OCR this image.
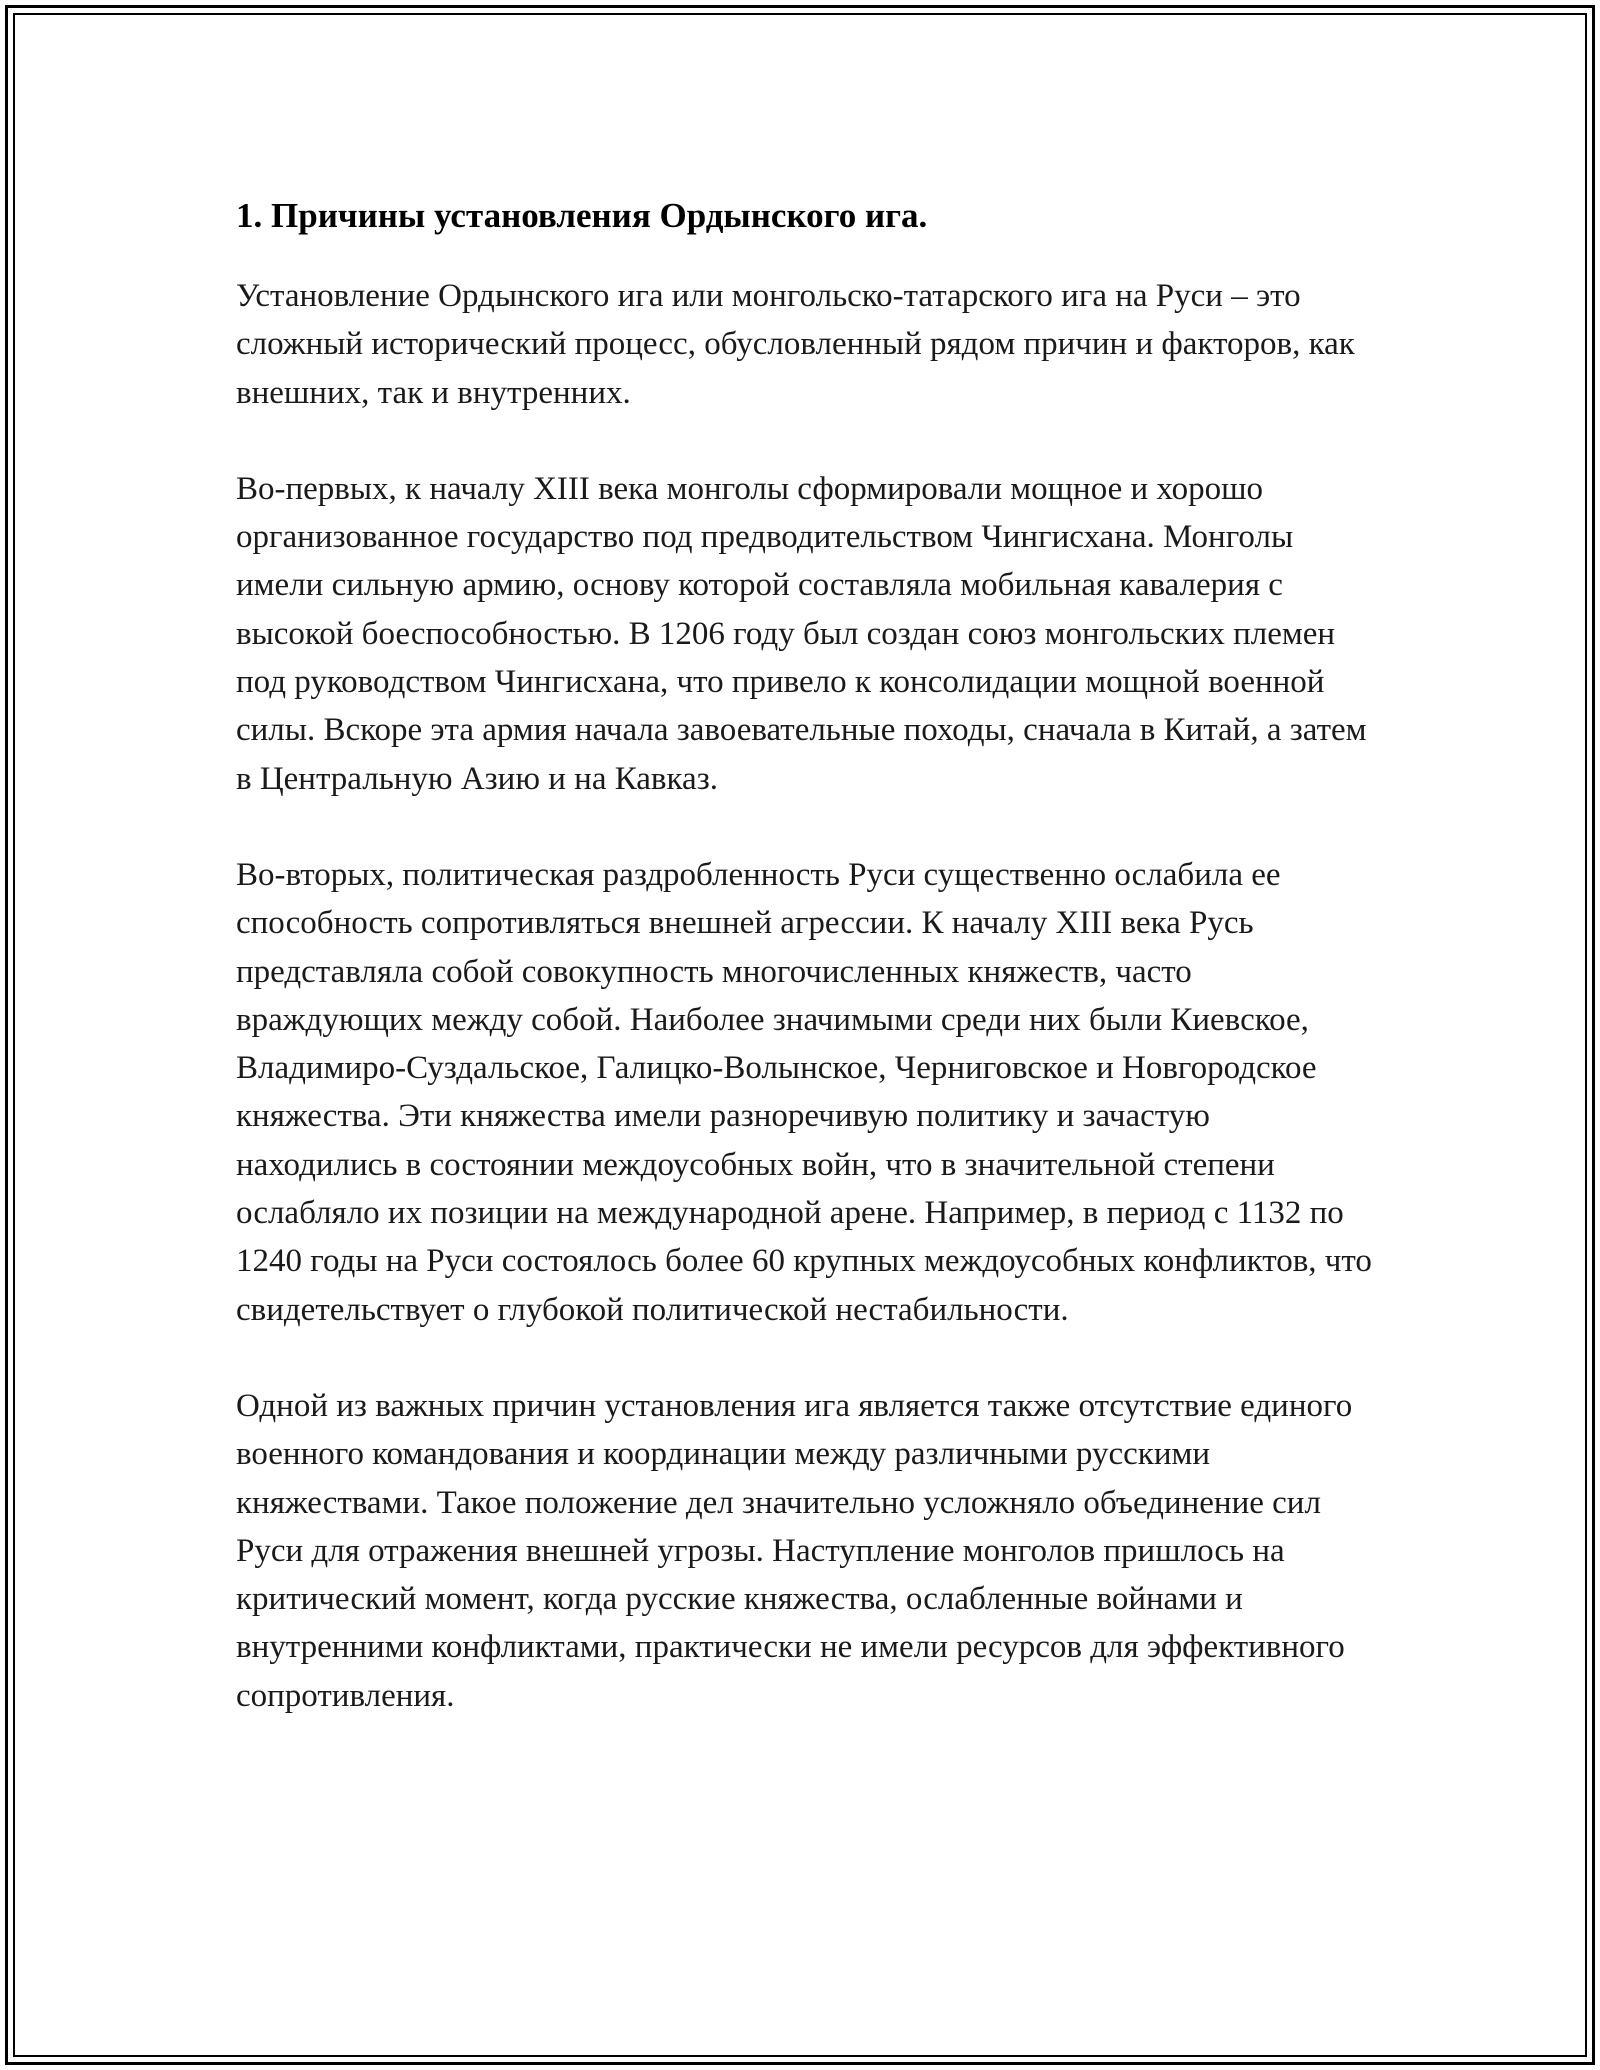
1. Причины установления Ордынского ига.

Установление Ордынского ига или монгольско-татарского ига на Руси – это сложный исторический процесс, обусловленный рядом причин и факторов, как внешних, так и внутренних.

Во-первых, к началу XIII века монголы сформировали мощное и хорошо организованное государство под предводительством Чингисхана. Монголы имели сильную армию, основу которой составляла мобильная кавалерия с высокой боеспособностью. В 1206 году был создан союз монгольских племен под руководством Чингисхана, что привело к консолидации мощной военной силы. Вскоре эта армия начала завоевательные походы, сначала в Китай, а затем в Центральную Азию и на Кавказ.

Во-вторых, политическая раздробленность Руси существенно ослабила ее способность сопротивляться внешней агрессии. К началу XIII века Русь представляла собой совокупность многочисленных княжеств, часто враждующих между собой. Наиболее значимыми среди них были Киевское, Владимиро-Суздальское, Галицко-Волынское, Черниговское и Новгородское княжества. Эти княжества имели разноречивую политику и зачастую находились в состоянии междоусобных войн, что в значительной степени ослабляло их позиции на международной арене. Например, в период с 1132 по 1240 годы на Руси состоялось более 60 крупных междоусобных конфликтов, что свидетельствует о глубокой политической нестабильности.

Одной из важных причин установления ига является также отсутствие единого военного командования и координации между различными русскими княжествами. Такое положение дел значительно усложняло объединение сил Руси для отражения внешней угрозы. Наступление монголов пришлось на критический момент, когда русские княжества, ослабленные войнами и внутренними конфликтами, практически не имели ресурсов для эффективного сопротивления.
